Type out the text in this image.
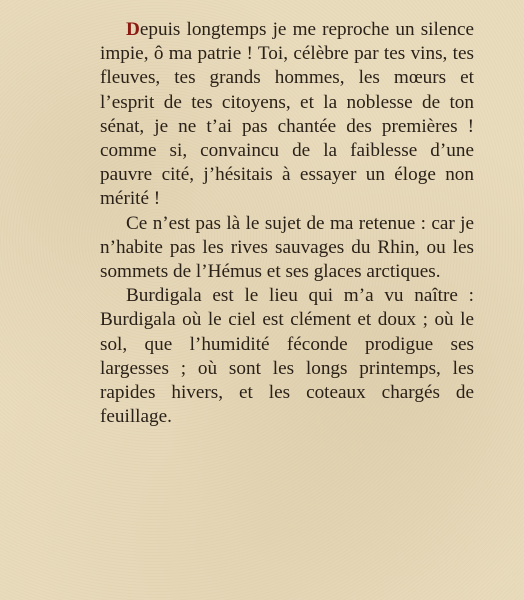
Depuis longtemps je me reproche un silence impie, ô ma patrie ! Toi, célèbre par tes vins, tes fleuves, tes grands hommes, les mœurs et l’esprit de tes citoyens, et la noblesse de ton sénat, je ne t’ai pas chantée des premières ! comme si, convaincu de la faiblesse d’une pauvre cité, j’hésitais à essayer un éloge non mérité !

Ce n’est pas là le sujet de ma retenue : car je n’habite pas les rives sauvages du Rhin, ou les sommets de l’Hémus et ses glaces arctiques.

Burdigala est le lieu qui m’a vu naître : Burdigala où le ciel est clément et doux ; où le sol, que l’humidité féconde prodigue ses largesses ; où sont les longs printemps, les rapides hivers, et les coteaux chargés de feuillage.
